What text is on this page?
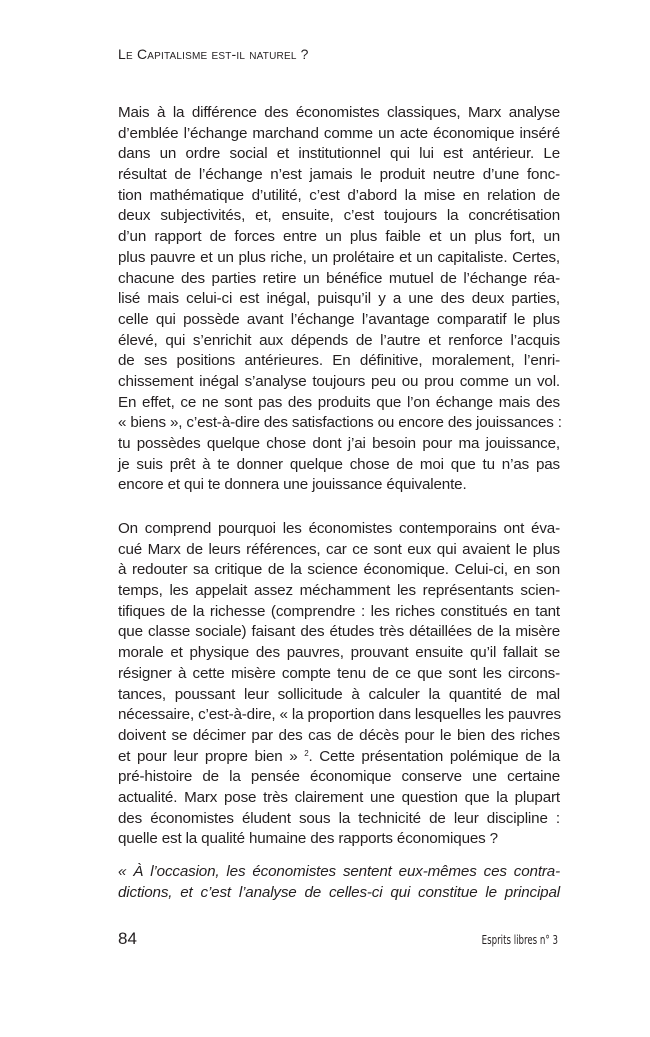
Le Capitalisme est-il naturel ?
Mais à la différence des économistes classiques, Marx analyse
d’emblée l’échange marchand comme un acte économique inséré
dans un ordre social et institutionnel qui lui est antérieur. Le
résultat de l’échange n’est jamais le produit neutre d’une fonc-
tion mathématique d’utilité, c’est d’abord la mise en relation de
deux subjectivités, et, ensuite, c’est toujours la concrétisation
d’un rapport de forces entre un plus faible et un plus fort, un
plus pauvre et un plus riche, un prolétaire et un capitaliste. Certes,
chacune des parties retire un bénéfice mutuel de l’échange réa-
lisé mais celui-ci est inégal, puisqu’il y a une des deux parties,
celle qui possède avant l’échange l’avantage comparatif le plus
élevé, qui s’enrichit aux dépends de l’autre et renforce l’acquis
de ses positions antérieures. En définitive, moralement, l’enri-
chissement inégal s’analyse toujours peu ou prou comme un vol.
En effet, ce ne sont pas des produits que l’on échange mais des
« biens », c’est-à-dire des satisfactions ou encore des jouissances :
tu possèdes quelque chose dont j’ai besoin pour ma jouissance,
je suis prêt à te donner quelque chose de moi que tu n’as pas
encore et qui te donnera une jouissance équivalente.
On comprend pourquoi les économistes contemporains ont éva-
cué Marx de leurs références, car ce sont eux qui avaient le plus
à redouter sa critique de la science économique. Celui-ci, en son
temps, les appelait assez méchamment les représentants scien-
tifiques de la richesse (comprendre : les riches constitués en tant
que classe sociale) faisant des études très détaillées de la misère
morale et physique des pauvres, prouvant ensuite qu’il fallait se
résigner à cette misère compte tenu de ce que sont les circons-
tances, poussant leur sollicitude à calculer la quantité de mal
nécessaire, c’est-à-dire, « la proportion dans lesquelles les pauvres
doivent se décimer par des cas de décès pour le bien des riches
et pour leur propre bien » $^2$. Cette présentation polémique de la
pré-histoire de la pensée économique conserve une certaine
actualité. Marx pose très clairement une question que la plupart
des économistes éludent sous la technicité de leur discipline :
quelle est la qualité humaine des rapports économiques ?
« À l’occasion, les économistes sentent eux-mêmes ces contra-
dictions, et c’est l’analyse de celles-ci qui constitue le principal
84	Esprits libres n° 3
